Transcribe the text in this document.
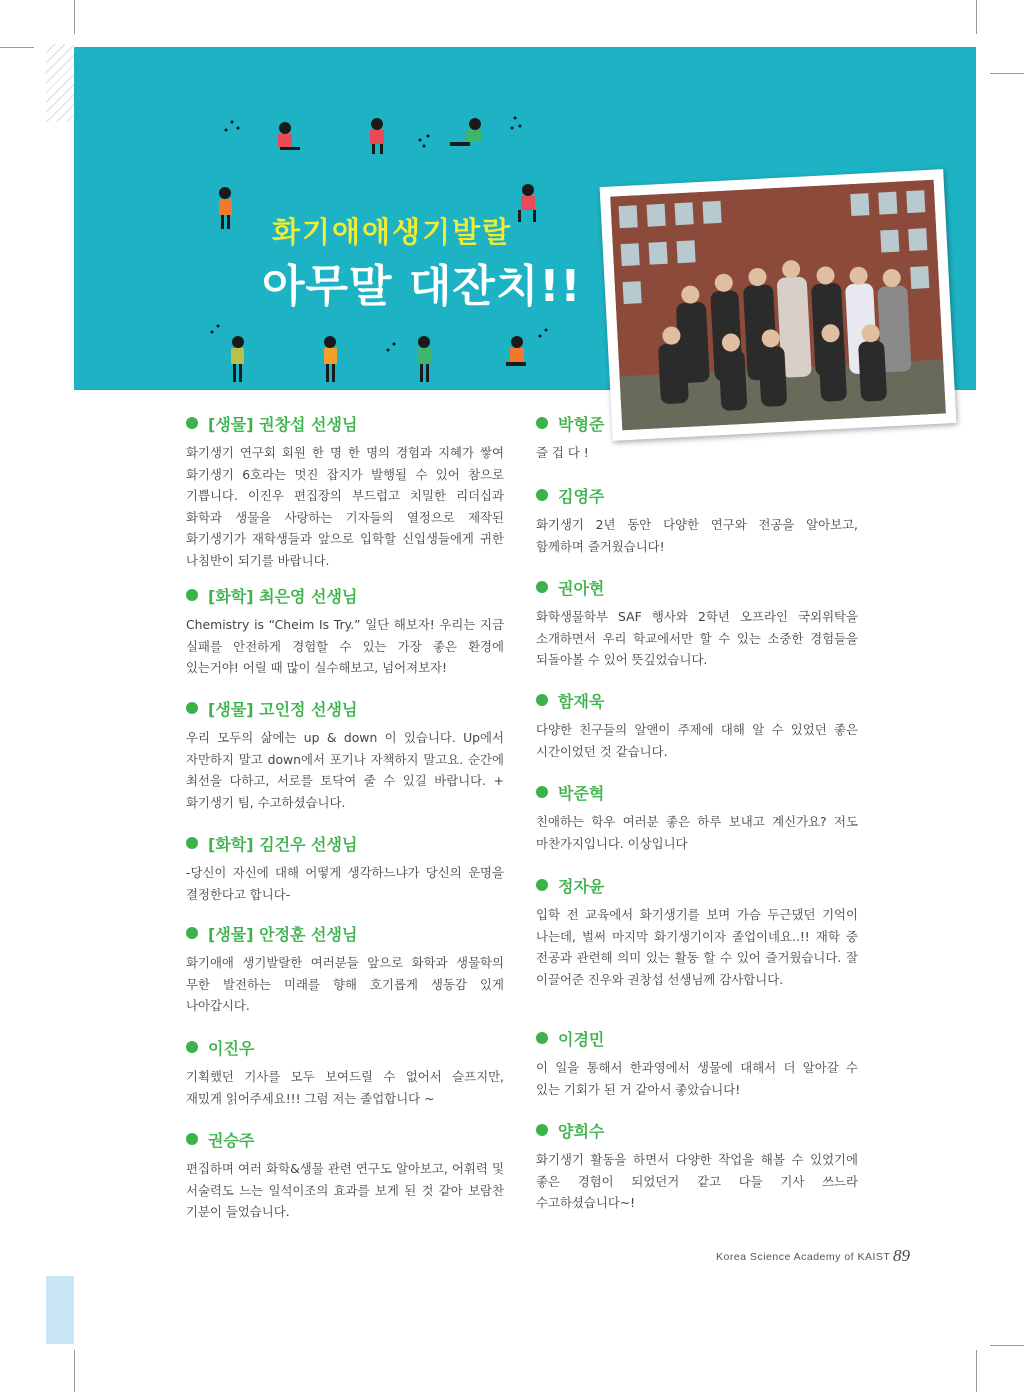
화기애애생기발랄
아무말 대잔치!!
[생물] 권창섭 선생님
화기생기 연구회 회원 한 명 한 명의 경험과 지혜가 쌓여 화기생기 6호라는 멋진 잡지가 발행될 수 있어 참으로 기쁩니다. 이진우 편집장의 부드럽고 치밀한 리더십과 화학과 생물을 사랑하는 기자들의 열정으로 제작된 화기생기가 재학생들과 앞으로 입학할 신입생들에게 귀한 나침반이 되기를 바랍니다.
[화학] 최은영 선생님
Chemistry is “Cheim Is Try.” 일단 해보자! 우리는 지금 실패를 안전하게 경험할 수 있는 가장 좋은 환경에 있는거야! 어릴 때 많이 실수해보고, 넘어져보자!
[생물] 고인정 선생님
우리 모두의 삶에는 up & down 이 있습니다. Up에서 자만하지 말고 down에서 포기나 자책하지 말고요. 순간에 최선을 다하고, 서로를 토닥여 줄 수 있길 바랍니다. + 화기생기 팀, 수고하셨습니다.
[화학] 김건우 선생님
-당신이 자신에 대해 어떻게 생각하느냐가 당신의 운명을 결정한다고 합니다-
[생물] 안정훈 선생님
화기애애 생기발랄한 여러분들 앞으로 화학과 생물학의 무한 발전하는 미래를 향해 호기롭게 생동감 있게 나아갑시다.
이진우
기획했던 기사를 모두 보여드릴 수 없어서 슬프지만, 재밌게 읽어주세요!!! 그럼 저는 졸업합니다 ~
권승주
편집하며 여러 화학&생물 관련 연구도 알아보고, 어휘력 및 서술력도 느는 일석이조의 효과를 보게 된 것 같아 보람찬 기분이 들었습니다.
박형준
즐 겁 다 !
김영주
화기생기 2년 동안 다양한 연구와 전공을 알아보고, 함께하며 즐거웠습니다!
권아현
화학생물학부 SAF 행사와 2학년 오프라인 국외위탁을 소개하면서 우리 학교에서만 할 수 있는 소중한 경험들을 되돌아볼 수 있어 뜻깊었습니다.
함재욱
다양한 친구들의 알앤이 주제에 대해 알 수 있었던 좋은 시간이었던 것 같습니다.
박준혁
친애하는 학우 여러분 좋은 하루 보내고 계신가요? 저도 마찬가지입니다. 이상입니다
정자윤
입학 전 교육에서 화기생기를 보며 가슴 두근댔던 기억이 나는데, 벌써 마지막 화기생기이자 졸업이네요..!! 재학 중 전공과 관련해 의미 있는 활동 할 수 있어 즐거웠습니다. 잘 이끌어준 진우와 권창섭 선생님께 감사합니다.
이경민
이 일을 통해서 한과영에서 생물에 대해서 더 알아갈 수 있는 기회가 된 거 같아서 좋았습니다!
양희수
화기생기 활동을 하면서 다양한 작업을 해볼 수 있었기에 좋은 경험이 되었던거 같고 다들 기사 쓰느라 수고하셨습니다~!
Korea Science Academy of KAIST 89
